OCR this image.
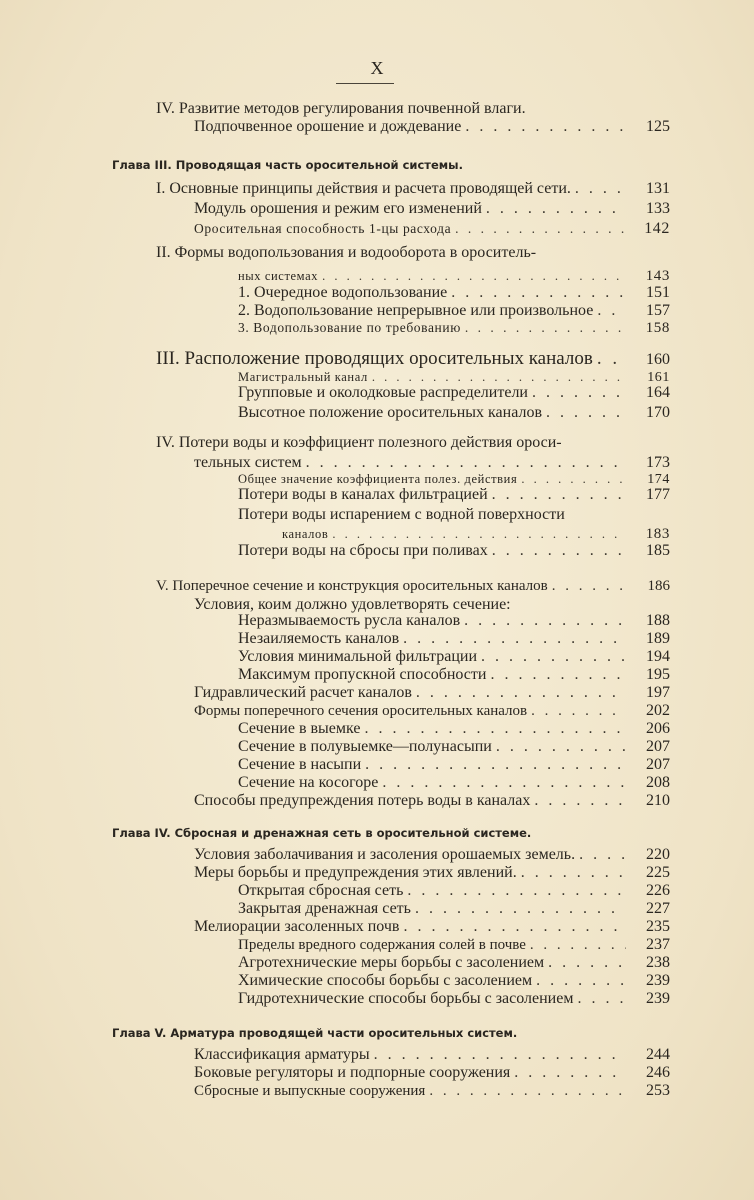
X
IV. Развитие методов регулирования почвенной влаги.
Подпочвенное орошение и дождевание . . .	125
Глава III. Проводящая часть оросительной системы.
I. Основные принципы действия и расчета проводящей сети. . . .	131
Модуль орошения и режим его изменений . . .	133
Оросительная способность 1-цы расхода . . .	142
II. Формы водопользования и водооборота в ороситель-
ных системах . . .	143
1. Очередное водопользование . . .	151
2. Водопользование непрерывное или произвольное . . .	157
3. Водопользование по требованию . . .	158
III. Расположение проводящих оросительных каналов . . .	160
Магистральный канал . . .	161
Групповые и околодковые распределители . . .	164
Высотное положение оросительных каналов . . .	170
IV. Потери воды и коэффициент полезного действия ороси-
тельных систем . . .	173
Общее значение коэффициента полез. действия . . .	174
Потери воды в каналах фильтрацией . . .	177
Потери воды испарением с водной поверхности
каналов . . .	183
Потери воды на сбросы при поливах . . .	185
V. Поперечное сечение и конструкция оросительных каналов . . .	186
Условия, коим должно удовлетворять сечение:
Неразмываемость русла каналов . . .	188
Незаиляемость каналов . . .	189
Условия минимальной фильтрации . . .	194
Максимум пропускной способности . . .	195
Гидравлический расчет каналов . . .	197
Формы поперечного сечения оросительных каналов . . .	202
Сечение в выемке . . .	206
Сечение в полувыемке—полунасыпи . . .	207
Сечение в насыпи . . .	207
Сечение на косогоре . . .	208
Способы предупреждения потерь воды в каналах . . .	210
Глава IV. Сбросная и дренажная сеть в оросительной системе.
Условия заболачивания и засоления орошаемых земель. . . .	220
Меры борьбы и предупреждения этих явлений. . . .	225
Открытая сбросная сеть . . .	226
Закрытая дренажная сеть . . .	227
Мелиорации засоленных почв . . .	235
Пределы вредного содержания солей в почве . . .	237
Агротехнические меры борьбы с засолением . . .	238
Химические способы борьбы с засолением . . .	239
Гидротехнические способы борьбы с засолением . . .	239
Глава V. Арматура проводящей части оросительных систем.
Классификация арматуры . . .	244
Боковые регуляторы и подпорные сооружения . . .	246
Сбросные и выпускные сооружения . . .	253
